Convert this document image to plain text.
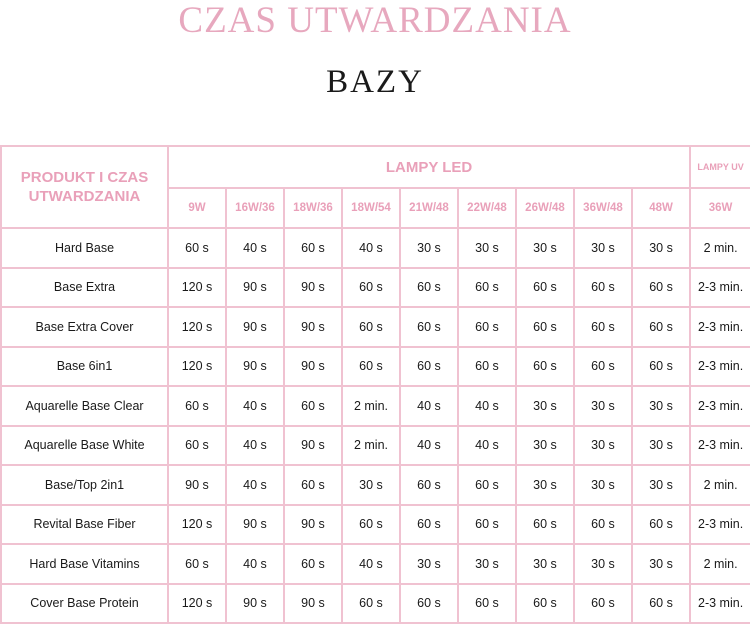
CZAS UTWARDZANIA
BAZY
PRODUKT I CZAS UTWARDZANIA	LAMPY LED									LAMPY UV
	9W	16W/36	18W/36	18W/54	21W/48	22W/48	26W/48	36W/48	48W	36W
Hard Base	60 s	40 s	60 s	40 s	30 s	30 s	30 s	30 s	30 s	2 min.
Base Extra	120 s	90 s	90 s	60 s	60 s	60 s	60 s	60 s	60 s	2-3 min.
Base Extra Cover	120 s	90 s	90 s	60 s	60 s	60 s	60 s	60 s	60 s	2-3 min.
Base 6in1	120 s	90 s	90 s	60 s	60 s	60 s	60 s	60 s	60 s	2-3 min.
Aquarelle Base Clear	60 s	40 s	60 s	2 min.	40 s	40 s	30 s	30 s	30 s	2-3 min.
Aquarelle Base White	60 s	40 s	90 s	2 min.	40 s	40 s	30 s	30 s	30 s	2-3 min.
Base/Top 2in1	90 s	40 s	60 s	30 s	60 s	60 s	30 s	30 s	30 s	2 min.
Revital Base Fiber	120 s	90 s	90 s	60 s	60 s	60 s	60 s	60 s	60 s	2-3 min.
Hard Base Vitamins	60 s	40 s	60 s	40 s	30 s	30 s	30 s	30 s	30 s	2 min.
Cover Base Protein	120 s	90 s	90 s	60 s	60 s	60 s	60 s	60 s	60 s	2-3 min.
